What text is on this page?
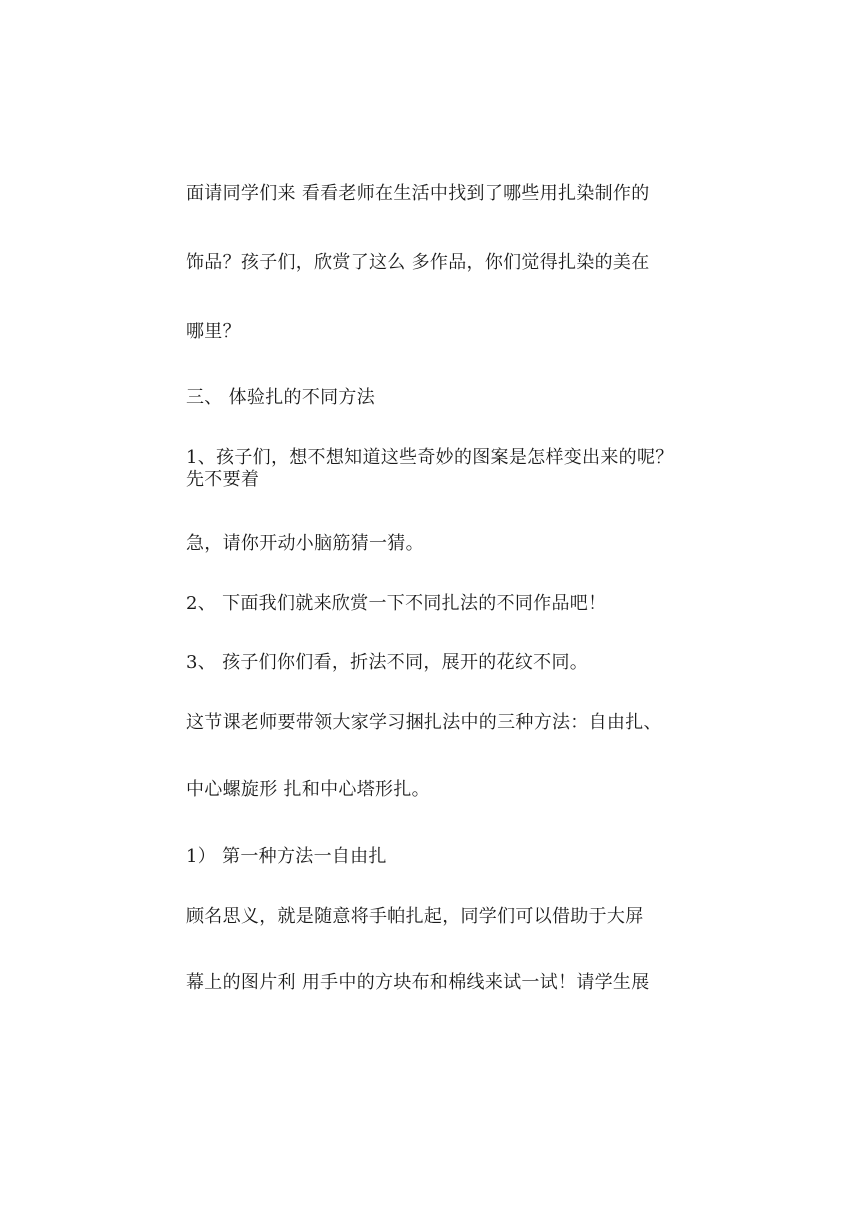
面请同学们来 看看老师在生活中找到了哪些用扎染制作的
饰品？孩子们，欣赏了这么 多作品，你们觉得扎染的美在
哪里？
三、 体验扎的不同方法
1、孩子们，想不想知道这些奇妙的图案是怎样变出来的呢？先不要着
急，请你开动小脑筋猜一猜。
2、 下面我们就来欣赏一下不同扎法的不同作品吧！
3、 孩子们你们看，折法不同，展开的花纹不同。
这节课老师要带领大家学习捆扎法中的三种方法：自由扎、
中心螺旋形 扎和中心塔形扎。
1） 第一种方法一自由扎
顾名思义，就是随意将手帕扎起，同学们可以借助于大屏
幕上的图片利 用手中的方块布和棉线来试一试！请学生展
